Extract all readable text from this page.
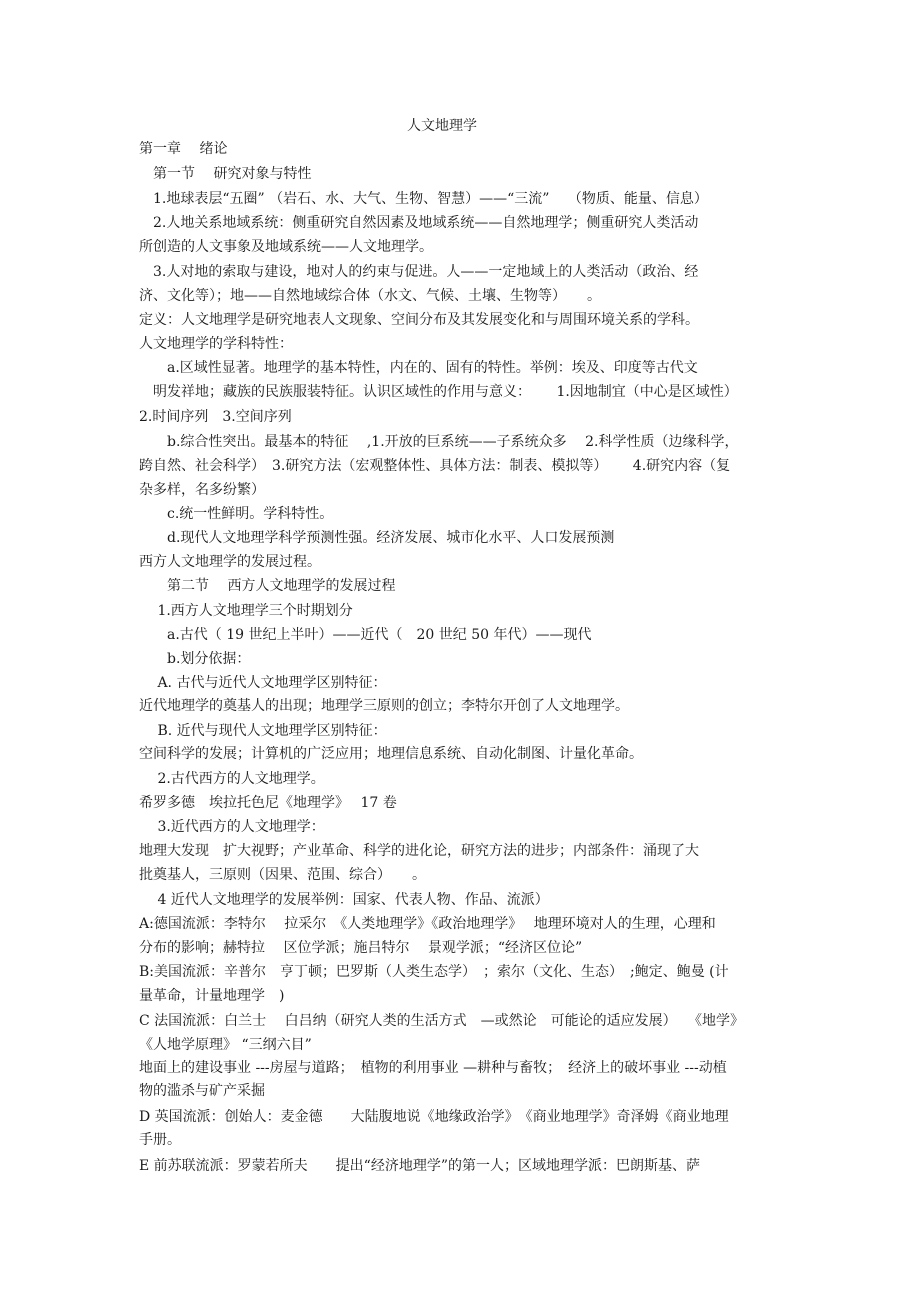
人文地理学
第一章　 绪论
　第一节　 研究对象与特性
　1.地球表层“五圈” （岩石、水、大气、生物、智慧）——“三流”　 （物质、能量、信息）
　2.人地关系地域系统：侧重研究自然因素及地域系统——自然地理学；侧重研究人类活动
所创造的人文事象及地域系统——人文地理学。
　3.人对地的索取与建设，地对人的约束与促进。人——一定地域上的人类活动（政治、经
济、文化等）；地——自然地域综合体（水文、气候、土壤、生物等）　　。
定义：人文地理学是研究地表人文现象、空间分布及其发展变化和与周围环境关系的学科。
人文地理学的学科特性：
　　a.区域性显著。地理学的基本特性，内在的、固有的特性。举例：埃及、印度等古代文
　明发祥地；藏族的民族服装特征。认识区域性的作用与意义：　　 1.因地制宜（中心是区域性）
2.时间序列　3.空间序列
　　b.综合性突出。最基本的特征　 ,1.开放的巨系统——子系统众多　 2.科学性质（边缘科学，
跨自然、社会科学）　3.研究方法（宏观整体性、具体方法：制表、模拟等）　　 4.研究内容（复
杂多样，名多纷繁）
　　c.统一性鲜明。学科特性。
　　d.现代人文地理学科学预测性强。经济发展、城市化水平、人口发展预测
西方人文地理学的发展过程。
　　第二节　 西方人文地理学的发展过程
　 1.西方人文地理学三个时期划分
　　a.古代（ 19 世纪上半叶）——近代（　20 世纪 50 年代）——现代
　　b.划分依据：
　 A. 古代与近代人文地理学区别特征：
近代地理学的奠基人的出现；地理学三原则的创立；李特尔开创了人文地理学。
　 B. 近代与现代人文地理学区别特征：
空间科学的发展；计算机的广泛应用；地理信息系统、自动化制图、计量化革命。
　 2.古代西方的人文地理学。
希罗多德　埃拉托色尼《地理学》　 17 卷
　 3.近代西方的人文地理学：
地理大发现　扩大视野；产业革命、科学的进化论，研究方法的进步；内部条件：涌现了大
批奠基人，三原则（因果、范围、综合）　　。
　 4 近代人文地理学的发展举例：国家、代表人物、作品、流派）
A:德国流派：李特尔　 拉采尔　《人类地理学》《政治地理学》　 地理环境对人的生理，心理和
分布的影响；赫特拉　 区位学派；施吕特尔　 景观学派；“经济区位论”
B:美国流派：辛普尔　亨丁顿；巴罗斯（人类生态学）　；索尔（文化、生态）　;鲍定、鲍曼 (计
量革命，计量地理学　)
C 法国流派：白兰士　 白吕纳（研究人类的生活方式　—或然论　可能论的适应发展）　 《地学》
《人地学原理》 “三纲六目”
地面上的建设事业 ---房屋与道路；　植物的利用事业 —耕种与畜牧；　经济上的破坏事业 ---动植
物的滥杀与矿产采掘
D 英国流派：创始人：麦金德　　大陆腹地说《地缘政治学》　《商业地理学》奇泽姆《商业地理
手册。
E 前苏联流派：罗蒙若所夫　　提出“经济地理学”的第一人；区域地理学派：巴朗斯基、萨
